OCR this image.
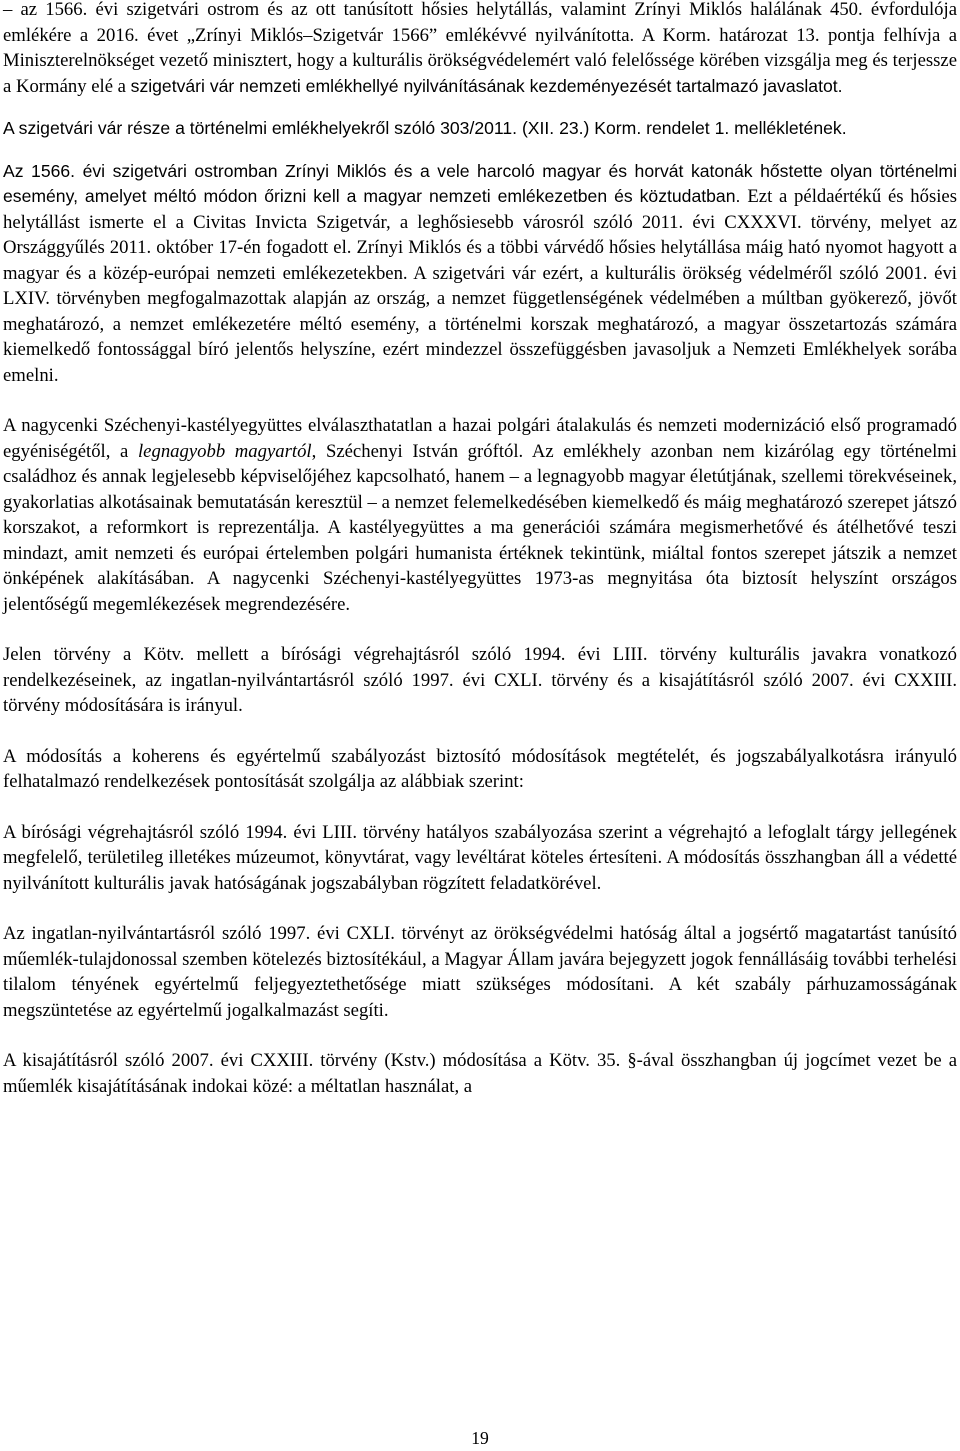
– az 1566. évi szigetvári ostrom és az ott tanúsított hősies helytállás, valamint Zrínyi Miklós halálának 450. évfordulója emlékére a 2016. évet „Zrínyi Miklós–Szigetvár 1566” emlékévvé nyilvánította. A Korm. határozat 13. pontja felhívja a Miniszterelnökséget vezető minisztert, hogy a kulturális örökségvédelemért való felelőssége körében vizsgálja meg és terjessze a Kormány elé a szigetvári vár nemzeti emlékhellyé nyilvánításának kezdeményezését tartalmazó javaslatot.

A szigetvári vár része a történelmi emlékhelyekről szóló 303/2011. (XII. 23.) Korm. rendelet 1. mellékletének.

Az 1566. évi szigetvári ostromban Zrínyi Miklós és a vele harcoló magyar és horvát katonák hőstette olyan történelmi esemény, amelyet méltó módon őrizni kell a magyar nemzeti emlékezetben és köztudatban. Ezt a példaértékű és hősies helytállást ismerte el a Civitas Invicta Szigetvár, a leghősiesebb városról szóló 2011. évi CXXXVI. törvény, melyet az Országgyűlés 2011. október 17-én fogadott el. Zrínyi Miklós és a többi várvédő hősies helytállása máig ható nyomot hagyott a magyar és a közép-európai nemzeti emlékezetekben. A szigetvári vár ezért, a kulturális örökség védelméről szóló 2001. évi LXIV. törvényben megfogalmazottak alapján az ország, a nemzet függetlenségének védelmében a múltban gyökerező, jövőt meghatározó, a nemzet emlékezetére méltó esemény, a történelmi korszak meghatározó, a magyar összetartozás számára kiemelkedő fontossággal bíró jelentős helyszíne, ezért mindezzel összefüggésben javasoljuk a Nemzeti Emlékhelyek sorába emelni.

A nagycenki Széchenyi-kastélyegyüttes elválaszthatatlan a hazai polgári átalakulás és nemzeti modernizáció első programadó egyéniségétől, a legnagyobb magyartól, Széchenyi István gróftól. Az emlékhely azonban nem kizárólag egy történelmi családhoz és annak legjelesebb képviselőjéhez kapcsolható, hanem – a legnagyobb magyar életútjának, szellemi törekvéseinek, gyakorlatias alkotásainak bemutatásán keresztül – a nemzet felemelkedésében kiemelkedő és máig meghatározó szerepet játszó korszakot, a reformkort is reprezentálja. A kastélyegyüttes a ma generációi számára megismerhetővé és átélhetővé teszi mindazt, amit nemzeti és európai értelemben polgári humanista értéknek tekintünk, miáltal fontos szerepet játszik a nemzet önképének alakításában. A nagycenki Széchenyi-kastélyegyüttes 1973-as megnyitása óta biztosít helyszínt országos jelentőségű megemlékezések megrendezésére.

Jelen törvény a Kötv. mellett a bírósági végrehajtásról szóló 1994. évi LIII. törvény kulturális javakra vonatkozó rendelkezéseinek, az ingatlan-nyilvántartásról szóló 1997. évi CXLI. törvény és a kisajátításról szóló 2007. évi CXXIII. törvény módosítására is irányul.

A módosítás a koherens és egyértelmű szabályozást biztosító módosítások megtételét, és jogszabályalkotásra irányuló felhatalmazó rendelkezések pontosítását szolgálja az alábbiak szerint:

A bírósági végrehajtásról szóló 1994. évi LIII. törvény hatályos szabályozása szerint a végrehajtó a lefoglalt tárgy jellegének megfelelő, területileg illetékes múzeumot, könyvtárat, vagy levéltárat köteles értesíteni. A módosítás összhangban áll a védetté nyilvánított kulturális javak hatóságának jogszabályban rögzített feladatkörével.

Az ingatlan-nyilvántartásról szóló 1997. évi CXLI. törvényt az örökségvédelmi hatóság által a jogsértő magatartást tanúsító műemlék-tulajdonossal szemben kötelezés biztosítékául, a Magyar Állam javára bejegyzett jogok fennállásáig további terhelési tilalom tényének egyértelmű feljegyeztethetősége miatt szükséges módosítani. A két szabály párhuzamosságának megszüntetése az egyértelmű jogalkalmazást segíti.

A kisajátításról szóló 2007. évi CXXIII. törvény (Kstv.) módosítása a Kötv. 35. §-ával összhangban új jogcímet vezet be a műemlék kisajátításának indokai közé: a méltatlan használat, a

19
